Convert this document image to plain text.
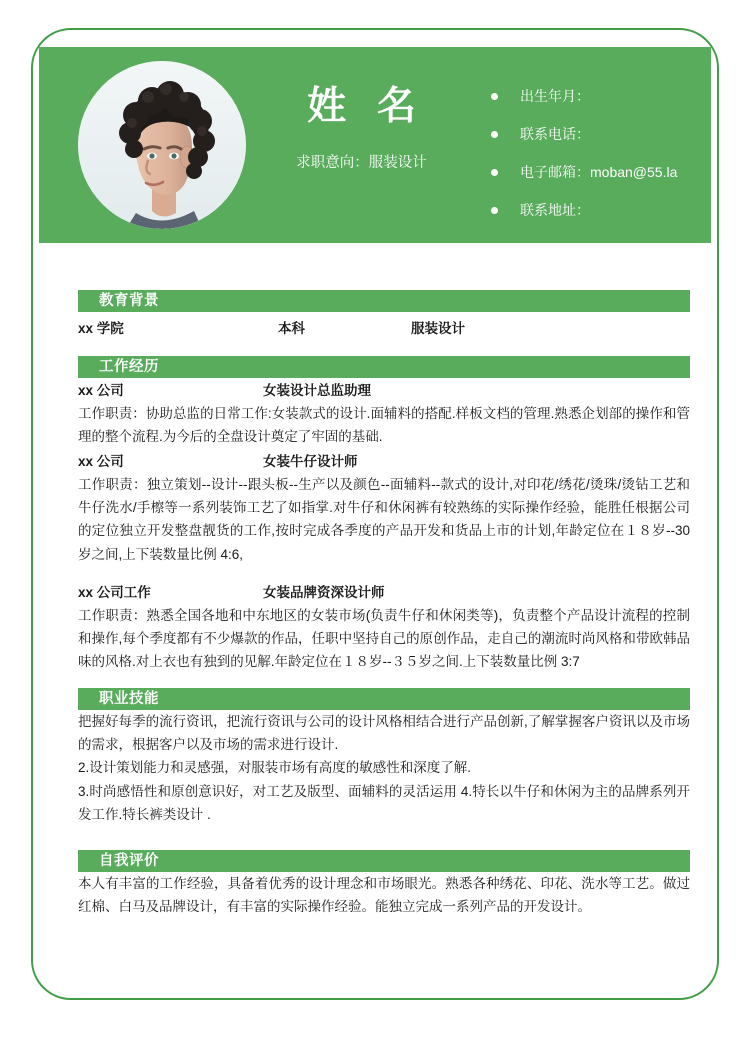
姓 名
求职意向：服装设计
出生年月：
联系电话：
电子邮箱：moban@55.la
联系地址：
教育背景
xx 学院	本科	服装设计
工作经历
xx 公司	女装设计总监助理
工作职责：协助总监的日常工作:女装款式的设计.面辅料的搭配.样板文档的管理.熟悉企划部的操作和管理的整个流程.为今后的全盘设计奠定了牢固的基础.
xx 公司	女装牛仔设计师
工作职责：独立策划--设计--跟头板--生产以及颜色--面辅料--款式的设计,对印花/绣花/烫珠/烫钻工艺和牛仔洗水/手檫等一系列装饰工艺了如指掌.对牛仔和休闲裤有较熟练的实际操作经验，能胜任根据公司的定位独立开发整盘靓货的工作,按时完成各季度的产品开发和货品上市的计划,年龄定位在１８岁--30 岁之间,上下装数量比例 4:6,
xx 公司工作	女装品牌资深设计师
工作职责：熟悉全国各地和中东地区的女装市场(负责牛仔和休闲类等)，负责整个产品设计流程的控制和操作,每个季度都有不少爆款的作品，任职中坚持自己的原创作品，走自己的潮流时尚风格和带欧韩品味的风格.对上衣也有独到的见解.年龄定位在１８岁--３５岁之间.上下装数量比例 3:7
职业技能
把握好每季的流行资讯，把流行资讯与公司的设计风格相结合进行产品创新,了解掌握客户资讯以及市场的需求，根据客户以及市场的需求进行设计.
2.设计策划能力和灵感强，对服装市场有高度的敏感性和深度了解.
3.时尚感悟性和原创意识好，对工艺及版型、面辅料的灵活运用 4.特长以牛仔和休闲为主的品牌系列开发工作.特长裤类设计 .
自我评价
本人有丰富的工作经验，具备着优秀的设计理念和市场眼光。熟悉各种绣花、印花、洗水等工艺。做过红棉、白马及品牌设计，有丰富的实际操作经验。能独立完成一系列产品的开发设计。
